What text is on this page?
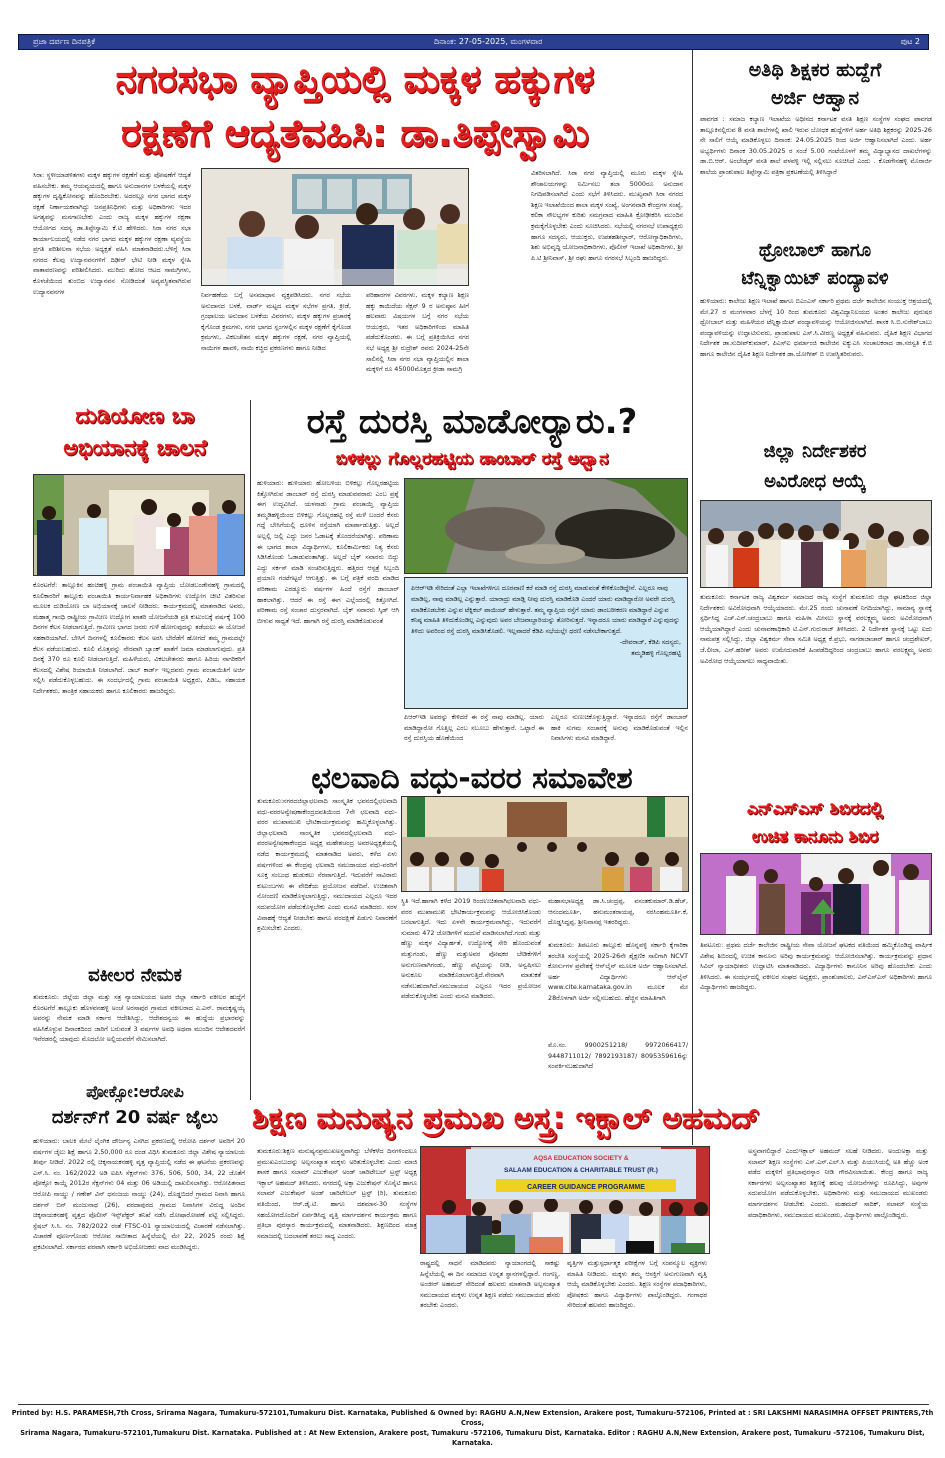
ಪ್ರಜಾ ದರ್ಪಣ ದಿನಪತ್ರಿಕೆ	ದಿನಾಂಕ: 27-05-2025, ಮಂಗಳವಾರ	ಪುಟ 2
ನಗರಸಭಾ ವ್ಯಾಪ್ತಿಯಲ್ಲಿ ಮಕ್ಕಳ ಹಕ್ಕುಗಳ
ರಕ್ಷಣೆಗೆ ಆದ್ಯತೆವಹಿಸಿ: ಡಾ.ತಿಪ್ಪೇಸ್ವಾಮಿ
ಸಿರಾ: ಸ್ಥಳೀಯಾಡಳಿತಗಳು ಮಕ್ಕಳ ಹಕ್ಕುಗಳ ರಕ್ಷಣೆಗೆ ಮತ್ತು ಪೋಷಣೆಗೆ ಆದ್ಯತೆ ವಹಿಸಬೇಕು. ತಮ್ಮ ಆಯವ್ಯಯದಲ್ಲಿ ಹಾಗೂ ಅನುದಾನಗಳ ಬಳಕೆಯಲ್ಲಿ ಮಕ್ಕಳ ಹಕ್ಕುಗಳ ದೃಷ್ಟಿಕೋನವನ್ನು ಹೊಂದಿರಬೇಕು. ಅದರಲ್ಲೂ ನಗರ ಭಾಗದ ಮಕ್ಕಳ ರಕ್ಷಣೆ ನಿರ್ಣಾಯಕವಾಗಿದ್ದು ಜನಪ್ರತಿನಿಧಿಗಳು ಮತ್ತು ಅಧಿಕಾರಿಗಳು ಇದರ ಅಗತ್ಯವನ್ನು ಮನಗಾಣಬೇಕು ಎಂದು ರಾಜ್ಯ ಮಕ್ಕಳ ಹಕ್ಕುಗಳ ರಕ್ಷಣಾ ಆಯೋಗದ ಸದಸ್ಯ ಡಾ.ತಿಪ್ಪೇಸ್ವಾಮಿ ಕೆ.ಟಿ ಹೇಳಿದರು. ಸಿರಾ ನಗರ ಸಭಾ ಕಾರ್ಯಾಲಯದಲ್ಲಿ ನಡೆದ ನಗರ ಭಾಗದ ಮಕ್ಕಳ ಹಕ್ಕುಗಳ ರಕ್ಷಣಾ ವ್ಯವಸ್ಥೆಯ ಪ್ರಗತಿ ಪರಿಶೀಲನಾ ಸಭೆಯ ಅಧ್ಯಕ್ಷತೆ ವಹಿಸಿ ಮಾತನಾಡಿದರು.ಬೆಳಿಗ್ಗೆ ಸಿರಾ ನಗರದ ಕೆಲವು ಉದ್ಯಾನವನಗಳಿಗೆ ದಿಢೀರ್ ಭೇಟಿ ನೀಡಿ ಮಕ್ಕಳ ಸ್ನೇಹಿ ವಾತಾವರಣವನ್ನು ಪರಿಶೀಲಿಸಿದರು. ಮುರಿದು ಹೋದ ಆಟದ ಸಾಮಗ್ರಿಗಳು, ಕೊಳಚೆಯಿಂದ ತುಂಬಿದ ಉದ್ಯಾನವನ ನೋಡಿದಂತೆ ಅವ್ಯವಸ್ಥಿತವಾಗಿರುವ ಉದ್ಯಾನವನಗಳ	ನಿರ್ವಹಣೆಯ ಬಗ್ಗೆ ಅಸಮಾಧಾನ ವ್ಯಕ್ತಪಡಿಸಿದರು. ನಗರ ಸಭೆಯ ಅನುದಾನದ ಬಳಕೆ, ವಾರ್ಡ್ ಮಟ್ಟದ ಮಕ್ಕಳ ಸಭೆಗಳ ಪ್ರಗತಿ, ಕ್ರೀಡೆ, ಗ್ರಂಥಾಲಯ ಅನುದಾನ ಬಳಕೆಯ ವಿವರಗಳು, ಮಕ್ಕಳ ಹಕ್ಕುಗಳ ಪ್ರಚಾರಕ್ಕೆ ಕೈಗೊಂಡ ಕ್ರಮಗಳು, ನಗರ ಭಾಗದ ಸ್ಲಂಗಳಲ್ಲಿನ ಮಕ್ಕಳ ರಕ್ಷಣೆಗೆ ಕೈಗೊಂಡ ಕ್ರಮಗಳು, ವಿಕಲಚೇತನ ಮಕ್ಕಳ ಹಕ್ಕುಗಳ ರಕ್ಷಣೆ, ನಗರ ವ್ಯಾಪ್ತಿಯಲ್ಲಿ ನಾಯಿಗಳ ಹಾವಳಿ, ನಾಯಿ ಕಚ್ಚಿದ ಪ್ರಕರಣಗಳು ಹಾಗೂ ನೀಡಿದ
ಪರಿಹಾರಗಳ ವಿವರಗಳು, ಮಕ್ಕಳ ಕಲ್ಯಾಣ ಶಿಕ್ಷಣ ಹಕ್ಕು ಕಾಯಿದೆಯ ಸೆಕ್ಷನ್ 9 ರ ಅನುಷ್ಠಾನ ಹೀಗೆ ಹಲವಾರು ವಿಷಯಗಳ ಬಗ್ಗೆ ನಗರ ಸಭೆಯ ಆಯುಕ್ತರು, ಇತರ ಅಧಿಕಾರಿಗಳಿಂದ ಮಾಹಿತಿ ಪಡೆದುಕೊಂಡರು. ಈ ಬಗ್ಗೆ ಪ್ರತಿಕ್ರಿಯಿಸಿದ ನಗರ ಸಭೆ ಅಧ್ಯಕ್ಷ ಶ್ರೀ ರುದ್ರೇಶ್ ರವರು 2024-25ನೇ ಸಾಲಿನಲ್ಲಿ ಸಿರಾ ನಗರ ಸಭಾ ವ್ಯಾಪ್ತಿಯಲ್ಲಿನ ಶಾಲಾ ಮಕ್ಕಳಿಗೆ ರೂ 45000ಮೊತ್ತದ ಕ್ರೀಡಾ ಸಾಮಗ್ರಿ
ವಿತರಿಸಲಾಗಿದೆ. ಸಿರಾ ನಗರ ವ್ಯಾಪ್ತಿಯಲ್ಲಿ ಮೂರು ಮಕ್ಕಳ ಸ್ನೇಹಿ ಶೌಚಾಲಯಗಳನ್ನು ನಿರ್ಮಿಸಲು ತಲಾ 5000ರೂ ಅನುದಾನ ನಿಗದಿಪಡಿಸಲಾಗಿದೆ ಎಂದು ಸಭೆಗೆ ತಿಳಿಸಿದರು. ಮುಖ್ಯವಾಗಿ ಸಿರಾ ನಗರದ ಶಿಕ್ಷಣ ಇಲಾಖೆಯಿಂದ ಶಾಲಾ ಮಕ್ಕಳ ಸಂಖ್ಯೆ, ಅಂಗನವಾಡಿ ಕೇಂದ್ರಗಳ ಸಂಖ್ಯೆ, ಕಲಿಕಾ ಸೌಲಭ್ಯಗಳ ಕುರಿತು ಸಮಗ್ರವಾದ ಮಾಹಿತಿ ಕ್ರೋಢೀಕರಿಸಿ ಮುಂದಿನ ಕ್ರಮಕೈಗೊಳ್ಳಬೇಕು ಎಂದು ಸೂಚಿಸಿದರು. ಸಭೆಯಲ್ಲಿ ನಗರಸಭೆ ಉಪಾಧ್ಯಕ್ಷರು ಹಾಗೂ ಸದಸ್ಯರು, ಆಯುಕ್ತರು, ಉಪತಹಶೀಲ್ದಾರ್, ಆರೋಗ್ಯಾಧಿಕಾರಿಗಳು, ಶಿಶು ಅಭಿವೃದ್ಧಿ ಯೋಜನಾಧಿಕಾರಿಗಳು, ಪೊಲೀಸ್ ಇಲಾಖೆ ಅಧಿಕಾರಿಗಳು, ಶ್ರೀ ಪಿ.ಟಿ ಶ್ರೀನಿವಾಸ್, ಶ್ರೀ ರಘು ಹಾಗೂ ನಗರಸಭೆ ಸಿಬ್ಬಂದಿ ಹಾಜರಿದ್ದರು.
ಅತಿಥಿ ಶಿಕ್ಷಕರ ಹುದ್ದೆಗೆ
ಅರ್ಜಿ ಆಹ್ವಾನ
ಪಾವಗಡ : ಸಮಾಜ ಕಲ್ಯಾಣ ಇಲಾಖೆಯ ಅಧೀನದ ಕರ್ನಾಟಕ ವಸತಿ ಶಿಕ್ಷಣ ಸಂಸ್ಥೆಗಳ ಸಂಘದ ಪಾವಗಡ ತಾಲ್ಲೂಕಿನಲ್ಲಿರುವ 8 ವಸತಿ ಶಾಲೆಗಳಲ್ಲಿ ಖಾಲಿ ಇರುವ ಬೋಧಕ ಹುದ್ದೆಗಳಿಗೆ ಅರ್ಹ ಅತಿಥಿ ಶಿಕ್ಷಕರನ್ನು 2025-26 ನೇ ಸಾಲಿಗೆ ಆಯ್ಕೆ ಮಾಡಿಕೊಳ್ಳಲು ದಿನಾಂಕ: 24.05.2025 ರಿಂದ ಅರ್ಜಿ ಆಹ್ವಾನಿಸಲಾಗಿದೆ ಎಂದು. ಅರ್ಹ ಅಭ್ಯರ್ಥಿಗಳು ದಿನಾಂಕ 30.05.2025 ರ ಸಂಜೆ 5.00 ಗಂಟೆಯೊಳಗೆ ತಮ್ಮ ವಿದ್ಯಾಭ್ಯಾಸದ ದಾಖಲೆಗಳನ್ನು ಡಾ.ಬಿ.ಆರ್. ಅಂಬೇಡ್ಕರ್ ವಸತಿ ಶಾಲೆ ಪಳವಳ್ಳಿ ಇಲ್ಲಿ ಸಲ್ಲಿಸಲು ಸೂಚಿಸಿದೆ ಎಂದು . ಕೊಡಗೇನಹಳ್ಳಿ ಮೊರಾರ್ಜಿ ಶಾಲೆಯ ಪ್ರಾಂಶುಪಾಲ ತಿಪ್ಪೇಸ್ವಾಮಿ ಪತ್ರಿಕಾ ಪ್ರಕಟಣೆಯಲ್ಲಿ ತಿಳಿಸಿದ್ದಾರೆ
ಥ್ರೋಬಾಲ್ ಹಾಗೂ
ಟೆನ್ನಿಕ್ವಾಯಿಟ್ ಪಂದ್ಯಾವಳಿ
ಹುಳಿಯಾರು: ಕಾಲೇಜು ಶಿಕ್ಷಣ ಇಲಾಖೆ ಹಾಗೂ ಬಿಎಂಎಸ್ ಸರ್ಕಾರಿ ಪ್ರಥಮ ದರ್ಜೆ ಕಾಲೇಜಿನ ಸಂಯುಕ್ತ ಆಶ್ರಯದಲ್ಲಿ ಮೇ.27 ರ ಮಂಗಳವಾರ ಬೆಳಗ್ಗೆ 10 ರಿಂದ ತುಮಕೂರು ವಿಶ್ವವಿದ್ಯಾನಿಲಯದ ಅಂತರ ಕಾಲೇಜು ಪುರುಷರ ಥ್ರೋಬಾಲ್ ಮತ್ತು ಮಹಿಳೆಯರ ಟೆನ್ನಿಕ್ವಾಯಿಟ್ ಪಂದ್ಯಾವಳಿಯನ್ನು ಆಯೋಜಿಸಲಾಗಿದೆ. ಶಾಸಕ ಸಿ.ಬಿ.ಸುರೇಶ್‌ಬಾಬು ಪಂದ್ಯಾವಳಿಯನ್ನು ಉದ್ಘಾಟಿಸುವರು, ಪ್ರಾಂಶುಪಾಲ ಎಸ್.ಸಿ.ವೀರಣ್ಣ ಅಧ್ಯಕ್ಷತೆ ವಹಿಸುವರು. ದೈಹಿಕ ಶಿಕ್ಷಣ ವಿಭಾಗದ ನಿರ್ದೇಶಕ ಡಾ.ಸುದೀಪ್‌ಕುಮಾರ್, ಪಿಎಸ್‌ಐ ಧರ್ಮಾಂಜಿ ಕಾಲೇಜಿನ ಐಕ್ಯುಎಸಿ ಸಂಚಾಲಕರಾದ ಡಾ.ಸರಸ್ವತಿ ಕೆ.ಬಿ ಹಾಗೂ ಕಾಲೇಜಿನ ದೈಹಿಕ ಶಿಕ್ಷಣ ನಿರ್ದೇಶಕ ಡಾ.ಯೋಗೀಶ್ ಬಿ ಉಪಸ್ಥಿತರಿರುವರು.
ಜಿಲ್ಲಾ ನಿರ್ದೇಶಕರ
ಅವಿರೋಧ ಆಯ್ಕೆ
ತುಮಕೂರು: ಕರ್ನಾಟಕ ರಾಜ್ಯ ವಿಶ್ವಕರ್ಮ ಸಮಾಜದ ರಾಜ್ಯ ಸಂಸ್ಥೆಗೆ ತುಮಕೂರು ಜಿಲ್ಲಾ ಘಟಕದಿಂದ ಜಿಲ್ಲಾ ನಿರ್ದೇಶಕರು ಅವಿರೋಧವಾಗಿ ಆಯ್ಕೆಯಾದರು. ಮೇ.25 ರಂದು ಚುನಾವಣೆ ನಿಗದಿಯಾಗಿದ್ದು, ಸಾಮಾನ್ಯ ಸ್ಥಾನಕ್ಕೆ ಸ್ಪರ್ಧಿಸಿದ್ದ ಎಚ್.ಎಸ್.ಚಂದ್ರಬಾಬು ಹಾಗೂ ಮಹಿಳಾ ಮೀಸಲು ಸ್ಥಾನಕ್ಕೆ ವರಲಕ್ಷ್ಮಮ್ಮ ಅವರು ಅವಿರೋಧವಾಗಿ ಆಯ್ಕೆಯಾಗಿದ್ದಾರೆ ಎಂದು ಚುನಾವಣಾಧಿಕಾರಿ ಟಿ.ಎನ್.ಗುರುರಾಜ್ ತಿಳಿಸಿದರು. 2 ನಿರ್ದೇಶಕ ಸ್ಥಾನಕ್ಕೆ ಒಟ್ಟು ಐದು ನಾಮಪತ್ರ ಸಲ್ಲಿಸಿದ್ದು, ಜಿಲ್ಲಾ ವಿಶ್ವಕರ್ಮ ಸೇವಾ ಸಮಿತಿ ಅಧ್ಯಕ್ಷ ಕೆ.ಪ್ರಭು, ನಾಗರಾಜಾಚಾರ್ ಹಾಗೂ ಚಂದ್ರಶೇಖರ್, ಜೆ.ಲೀಲಾ, ಎಸ್.ಹರೀಶ್ ಅವರು ಉಮೇದುವಾರಿಕೆ ಹಿಂಪಡೆದಿದ್ದರಿಂದ ಚಂದ್ರಬಾಬು ಹಾಗೂ ವರಲಕ್ಷ್ಮಮ್ಮ ಅವರು ಅವಿರೋಧ ಆಯ್ಕೆಯಾಗಲು ಸಾಧ್ಯವಾಯಿತು.
ಎನ್‌ಎಸ್‌ಎಸ್ ಶಿಬಿರದಲ್ಲಿ
ಉಚಿತ ಕಾನೂನು ಶಿಬಿರ
ತಿಪಟೂರು: ಪ್ರಥಮ ದರ್ಜೆ ಕಾಲೇಜಿನ ರಾಷ್ಟ್ರೀಯ ಸೇವಾ ಯೋಜನೆ ಘಟಕದ ವತಿಯಿಂದ ಹಮ್ಮಿಕೊಂಡಿದ್ದ ವಾರ್ಷಿಕ ವಿಶೇಷ ಶಿಬಿರದಲ್ಲಿ ಉಚಿತ ಕಾನೂನು ಅರಿವು ಕಾರ್ಯಕ್ರಮವನ್ನು ಆಯೋಜಿಸಲಾಗಿತ್ತು. ಕಾರ್ಯಕ್ರಮವನ್ನು ಪ್ರಧಾನ ಸಿವಿಲ್ ನ್ಯಾಯಾಧೀಶರು ಉದ್ಘಾಟಿಸಿ ಮಾತನಾಡಿದರು. ವಿದ್ಯಾರ್ಥಿಗಳು ಕಾನೂನಿನ ಅರಿವು ಹೊಂದಬೇಕು ಎಂದು ತಿಳಿಸಿದರು. ಈ ಸಂದರ್ಭದಲ್ಲಿ ವಕೀಲರ ಸಂಘದ ಅಧ್ಯಕ್ಷರು, ಪ್ರಾಂಶುಪಾಲರು, ಎನ್‌ಎಸ್‌ಎಸ್ ಅಧಿಕಾರಿಗಳು ಹಾಗೂ ವಿದ್ಯಾರ್ಥಿಗಳು ಹಾಜರಿದ್ದರು.
ದುಡಿಯೋಣ ಬಾ
ಅಭಿಯಾನಕ್ಕೆ ಚಾಲನೆ
ಕೊರಟಗೆರೆ: ತಾಲ್ಲೂಕಿನ ಹಂಚಿಹಳ್ಳಿ ಗ್ರಾಮ ಪಂಚಾಯಿತಿ ವ್ಯಾಪ್ತಿಯ ಬೋಡಬಂಡೇನಹಳ್ಳಿ ಗ್ರಾಮದಲ್ಲಿ ಕೂಲಿಕಾರರಿಗೆ ತಾಲ್ಲೂಕು ಪಂಚಾಯಿತಿ ಕಾರ್ಯನಿರ್ವಾಹಕ ಅಧಿಕಾರಿಗಳು ಉದ್ಯೋಗ ಚೀಟಿ ವಿತರಿಸುವ ಮೂಲಕ ದುಡಿಯೋಣ ಬಾ ಅಭಿಯಾನಕ್ಕೆ ಚಾಲನೆ ನೀಡಿದರು. ಕಾರ್ಯಕ್ರಮದಲ್ಲಿ ಮಾತನಾಡಿದ ಅವರು, ಮಹಾತ್ಮ ಗಾಂಧಿ ರಾಷ್ಟ್ರೀಯ ಗ್ರಾಮೀಣ ಉದ್ಯೋಗ ಖಾತರಿ ಯೋಜನೆಯಡಿ ಪ್ರತಿ ಕುಟುಂಬಕ್ಕೆ ವರ್ಷಕ್ಕೆ 100 ದಿನಗಳ ಕೆಲಸ ನೀಡಲಾಗುತ್ತಿದೆ. ಗ್ರಾಮೀಣ ಭಾಗದ ಜನರು ಗುಳೆ ಹೋಗುವುದನ್ನು ತಡೆಯಲು ಈ ಯೋಜನೆ ಸಹಕಾರಿಯಾಗಿದೆ. ಬೇಸಿಗೆ ದಿನಗಳಲ್ಲಿ ಕೂಲಿಕಾರರು ಕೆಲಸ ಅರಸಿ ಬೇರೆಡೆಗೆ ಹೋಗದೆ ತಮ್ಮ ಗ್ರಾಮದಲ್ಲೇ ಕೆಲಸ ಪಡೆಯಬಹುದು. ಕೂಲಿ ಮೊತ್ತವನ್ನು ನೇರವಾಗಿ ಬ್ಯಾಂಕ್ ಖಾತೆಗೆ ಜಮಾ ಮಾಡಲಾಗುವುದು. ಪ್ರತಿ ದಿನಕ್ಕೆ 370 ರೂ ಕೂಲಿ ನೀಡಲಾಗುತ್ತಿದೆ. ಮಹಿಳೆಯರು, ವಿಕಲಚೇತನರು ಹಾಗೂ ಹಿರಿಯ ನಾಗರಿಕರಿಗೆ ಕೆಲಸದಲ್ಲಿ ವಿಶೇಷ ರಿಯಾಯಿತಿ ನೀಡಲಾಗಿದೆ. ಜಾಬ್ ಕಾರ್ಡ್ ಇಲ್ಲದವರು ಗ್ರಾಮ ಪಂಚಾಯಿತಿಗೆ ಅರ್ಜಿ ಸಲ್ಲಿಸಿ ಪಡೆದುಕೊಳ್ಳಬಹುದು. ಈ ಸಂದರ್ಭದಲ್ಲಿ ಗ್ರಾಮ ಪಂಚಾಯಿತಿ ಅಧ್ಯಕ್ಷರು, ಪಿಡಿಒ, ಸಹಾಯಕ ನಿರ್ದೇಶಕರು, ತಾಂತ್ರಿಕ ಸಹಾಯಕರು ಹಾಗೂ ಕೂಲಿಕಾರರು ಹಾಜರಿದ್ದರು.
ವಕೀಲರ ನೇಮಕ
ತುಮಕೂರು: ಜಿಲ್ಲೆಯ ಜಿಲ್ಲಾ ಮತ್ತು ಸತ್ರ ನ್ಯಾಯಾಲಯದ ಅಪರ ಜಿಲ್ಲಾ ಸರ್ಕಾರಿ ವಕೀಲರ ಹುದ್ದೆಗೆ ಕೊರಟಗೆರೆ ತಾಲ್ಲೂಕು ಹೊಳವನಹಳ್ಳಿ ಅಂಚೆ ಅರಸಾಪುರ ಗ್ರಾಮದ ವಕೀಲರಾದ ಎ.ಎನ್. ರಾಮಕೃಷ್ಣಯ್ಯ ಅವರನ್ನು ನೇಮಕ ಮಾಡಿ ಸರ್ಕಾರ ಆದೇಶಿಸಿದ್ದು, ಆದೇಶದನ್ವಯ ಈ ಹುದ್ದೆಯ ಪ್ರಭಾರವನ್ನು ವಹಿಸಿಕೊಳ್ಳುವ ದಿನಾಂಕದಿಂದ ಜಾರಿಗೆ ಬರುವಂತೆ 3 ವರ್ಷಗಳ ಅವಧಿ ಅಥವಾ ಮುಂದಿನ ಆದೇಶದವರೆಗೆ ಇವೆರಡರಲ್ಲಿ ಯಾವುದು ಮೊದಲೋ ಅಲ್ಲಿಯವರೆಗೆ ನೇಮಿಸಲಾಗಿದೆ.
ಪೋಕ್ಸೋ:ಆರೋಪಿ
ದರ್ಶನ್‌ಗೆ 20 ವರ್ಷ ಜೈಲು
ಹುಳಿಯಾರು: ಬಾಲಕಿ ಮೇಲೆ ಲೈಂಗಿಕ ದೌರ್ಜನ್ಯ ಎಸಗಿದ ಪ್ರಕರಣದಲ್ಲಿ ಆರೋಪಿ ದರ್ಶನ್ ಅವರಿಗೆ 20 ವರ್ಷಗಳ ಜೈಲು ಶಿಕ್ಷೆ ಹಾಗೂ 2,50,000 ರೂ ದಂಡ ವಿಧಿಸಿ ತುಮಕೂರು ಜಿಲ್ಲಾ ವಿಶೇಷ ನ್ಯಾಯಾಲಯ ತೀರ್ಪು ನೀಡಿದೆ. 2022 ರಲ್ಲಿ ಚಿಕ್ಕನಾಯಕನಹಳ್ಳಿ ವೃತ್ತ ವ್ಯಾಪ್ತಿಯಲ್ಲಿ ನಡೆದ ಈ ಘಟನೆಯ ಪ್ರಕರಣವನ್ನು ಎಸ್.ಸಿ. ನಂ. 162/2022 ಅಡಿ ಐಪಿಸಿ ಸೆಕ್ಷನ್‌ಗಳು 376, 506, 500, 34, 22 ಜೊತೆಗೆ ಪೋಕ್ಸೋ ಕಾಯ್ದೆ 2012ರ ಸೆಕ್ಷನ್‌ಗಳು 04 ಮತ್ತು 06 ಅಡಿಯಲ್ಲಿ ದಾಖಲಿಸಲಾಗಿತ್ತು. ಆರೋಪಿತನಾದ ಆರೋಪಿ ನಾಯ್ಡು / ಗಣೇಶ್ ವಿನ್ ಧನಂಜಯ ನಾಯ್ಡು (24), ದೊಡ್ಡಬಿದರೆ ಗ್ರಾಮದ ನಿವಾಸಿ ಹಾಗೂ ದರ್ಶನ್ ಬಿನ್ ಮಂಜುನಾಥ (26), ವರದಾಪುರದ ಗ್ರಾಮದ ನಿವಾಸಿಗಳ ವಿರುದ್ಧ ಅಂದಿನ ಚಿಕ್ಕನಾಯಕನಹಳ್ಳಿ ವೃತ್ತದ ಪೊಲೀಸ್ ಇನ್ಸ್‌ಪೆಕ್ಟರ್ ತನಿಖೆ ನಡೆಸಿ ದೋಷಾರೋಪಣೆ ಪಟ್ಟಿ ಸಲ್ಲಿಸಿದ್ದರು. ಸ್ಪೆಷಲ್ ಸಿ.ಸಿ. ನಂ. 782/2022 ರಂತೆ FTSC-01 ನ್ಯಾಯಾಲಯದಲ್ಲಿ ವಿಚಾರಣೆ ನಡೆಸಲಾಗಿತ್ತು. ವಿಚಾರಣೆ ಪೂರ್ಣಗೊಂಡು ಆರೋಪ ಸಾಬೀತಾದ ಹಿನ್ನೆಲೆಯಲ್ಲಿ ಮೇ 22, 2025 ರಂದು ಶಿಕ್ಷೆ ಪ್ರಕಟಿಸಲಾಗಿದೆ. ಸರ್ಕಾರದ ಪರವಾಗಿ ಸರ್ಕಾರಿ ಅಭಿಯೋಜಕರು ವಾದ ಮಂಡಿಸಿದ್ದರು.
ರಸ್ತೆ ದುರಸ್ತಿ ಮಾಡೋರ‍್ಯಾರು.?
ಬಿಳಿಕಲ್ಲು ಗೊಲ್ಲರಹಟ್ಟಿಯ ಡಾಂಬಾರ್ ರಸ್ತೆ ಅಧ್ವಾನ
ಹುಳಿಯಾರು: ಹುಳಿಯಾರು ಹೋಬಳಿಯ ಬಿಳಿಕಲ್ಲು ಗೊಲ್ಲರಹಟ್ಟಿಯ ಕಿತ್ತೋಗಿರುವ ಡಾಂಬಾರ್ ರಸ್ತೆ ದುರಸ್ತಿ ಮಾಡುವವರಾರು ಎಂಬ ಪ್ರಶ್ನೆ ಈಗ ಉದ್ಭವಿಸಿದೆ. ಯಳನಾಡು ಗ್ರಾಮ ಪಂಚಾಯ್ತಿ ವ್ಯಾಪ್ತಿಯ ತಮ್ಮಡಿಹಳ್ಳಿಯಿಂದ ಬಿಳಿಕಲ್ಲು ಗೊಲ್ಲರಹಟ್ಟಿ ರಸ್ತೆ ಮಳೆ ಬಂದರೆ ಕೆಸರು ಗದ್ದೆ ಬೇಸಿಗೆಯಲ್ಲಿ ಧೂಳಿನ ರಸ್ತೆಯಾಗಿ ಮಾರ್ಪಾಡುತ್ತಿತ್ತು. ಅಲ್ಲದೆ ಅಲ್ಲಲ್ಲಿ ಜಲ್ಲಿ ಎದ್ದು ಜನರ ಓಡಾಟಕ್ಕೆ ತೊಂದರೆಯಾಗಿತ್ತು. ಪರಿಣಾಮ ಈ ಭಾಗದ ಶಾಲಾ ವಿದ್ಯಾರ್ಥಿಗಳು, ಕೂಲಿಕಾರ್ಮಿಕರು ನಿತ್ಯ ಕೆಸರು ಸಿಡಿಸಿಕೊಂಡು ಓಡಾಡುವಂತಾಗಿತ್ತು. ಅಲ್ಲದೆ ಬೈಕ್ ಸವಾರರು ಬಿದ್ದು ಎದ್ದು ಸರ್ಕಸ್ ಮಾಡಿ ಸಂಚರಿಸುತ್ತಿದ್ದರು. ಹತ್ತಿರದ ಆಸ್ಪತ್ರೆ ಸಿಬ್ಬಂದಿ ಪ್ರಯಾಣ ಗಂಟೆಗಟ್ಟಲೆ ಆಗುತ್ತಿತ್ತು. ಈ ಬಗ್ಗೆ ಪತ್ರಿಕೆ ವರದಿ ಮಾಡಿದ ಪರಿಣಾಮ ಎರಡ್ಮೂರು ವರ್ಷಗಳ ಹಿಂದೆ ರಸ್ತೆಗೆ ಡಾಂಬಾರ್ ಹಾಕಲಾಗಿತ್ತು. ಆದರೆ ಈ ರಸ್ತೆ ಈಗ ಎಲ್ಲೆಂದರಲ್ಲಿ ಕಿತ್ತೋಗಿದೆ. ಪರಿಣಾಮ ರಸ್ತೆ ಸಂಚಾರ ದುಸ್ತರವಾಗಿದೆ. ಬೈಕ್ ಸವಾರರು ಸ್ಕಿಡ್ ಆಗಿ ಬೀಳುವ ಸಾಧ್ಯತೆ ಇದೆ. ಹಾಗಾಗಿ ರಸ್ತೆ ದುರಸ್ತಿ ಮಾಡಿಕೊಡುವಂತೆ
ಪಿಆರ್‌ಇಡಿ ಸೇರಿದಂತೆ ಎಲ್ಲಾ ಇಲಾಖೆಗಳಿಗೂ ದೂರವಾಣಿ ಕರೆ ಮಾಡಿ ರಸ್ತೆ ದುರಸ್ತಿ ಮಾಡುವಂತೆ ಕೇಳಿಕೊಂಡಿದ್ದೇನೆ. ಎಲ್ಲರೂ ನಾವು ಮಾಡಿಲ್ಲ, ನಾವು ಮಾಡಿಲ್ಲ ಎನ್ನುತ್ತಾರೆ. ಯಾರಾದ್ರು ಮಾಡ್ಲಿ ನೀವು ದುರಸ್ತಿ ಮಾಡಿಕೊಡಿ ಎಂದರೆ ಯಾರು ಮಾಡಿದ್ದಾರೋ ಅವರೇ ದುರಸ್ತಿ ಮಾಡಿಕೊಡಬೇಕು ಎನ್ನುವ ಟೆಕ್ನಿಕಲ್ ಪಾಯಿಂಟ್ ಹೇಳುತ್ತಾರೆ. ತಮ್ಮ ವ್ಯಾಪ್ತಿಯ ರಸ್ತೆಗೆ ಯಾರು ಡಾಂಬರೀಕರಣ ಮಾಡಿದ್ದಾರೆ ಎನ್ನುವ ಕನಿಷ್ಠ ಮಾಹಿತಿ ತಿಳಿದುಕೊಂಡಿಲ್ಲ ಎನ್ನುವುದು ಅವರ ಬೇಜವಾಬ್ದಾರಿಯನ್ನು ತೋರಿಸುತ್ತದೆ. ಇನ್ನಾದರೂ ಯಾರು ಮಾಡಿದ್ದಾರೆ ಎನ್ನುವುದನ್ನು ತಿಳಿದು ಅವರಿಂದ ರಸ್ತೆ ದುರಸ್ತಿ ಮಾಡಿಸಿಕೊಡಲಿ. ಇಲ್ಲವಾದರೆ ಕೆಡಿಪಿ ಸಭೆಯಲ್ಲೇ ಧರಣಿ ನಡೆಸಬೇಕಾಗುತ್ತದೆ.
-ದೇವರಾಜ್, ಕೆಡಿಪಿ ಸದಸ್ಯರು,
ತಮ್ಮಡಿಹಳ್ಳಿ ಗೊಲ್ಲರಹಟ್ಟಿ
ಪಿಆರ್‌ಇಡಿ ಅವರನ್ನು ಕೇಳಿದರೆ ಈ ರಸ್ತೆ ನಾವು ಮಾಡಿಲ್ಲ. ಯಾರು ಮಾಡಿದ್ದಾರೋ ಗೊತ್ತಿಲ್ಲ ಎಂಬ ಸಬೂಬು ಹೇಳುತ್ತಾರೆ. ಒಟ್ಟಾರೆ ಈ ರಸ್ತೆ ದುರಸ್ತಿಯ ಹೊಣೆಯಿಂದ
ಎಲ್ಲರೂ ನುಣುಚಿಕೊಳ್ಳುತ್ತಿದ್ದಾರೆ. ಇನ್ನಾದರೂ ರಸ್ತೆಗೆ ಡಾಂಬಾರ್ ಹಾಕಿ ಸುಗಮ ಸಂಚಾರಕ್ಕೆ ಅನುವು ಮಾಡಿಕೊಡುವಂತೆ ಇಲ್ಲಿನ ನಿವಾಸಿಗಳು ಮನವಿ ಮಾಡಿದ್ದಾರೆ.
ಛಲವಾದಿ ವಧು-ವರರ ಸಮಾವೇಶ
ತುಮಕೂರು:ನಗರದಜಿಲ್ಲಾಛಲವಾದಿ ಸಾಂಸ್ಕೃತಿಕ ಭವನದಲ್ಲಿಛಲವಾದಿ ವಧು-ವರರಅನ್ವೇಷಣಾಕೇಂದ್ರದವತಿಯಿಂದ 7ನೇ ಛಲವಾದಿ ವಧು-ವರರ ಮುಖಾಮುಖಿ ಭೇಟಿಕಾರ್ಯಕ್ರಮವನ್ನು ಹಮ್ಮಿಕೊಳ್ಳಲಾಗಿತ್ತು. ಜಿಲ್ಲಾಛಲವಾದಿ ಸಾಂಸ್ಕೃತಿಕ ಭವನದಲ್ಲಿಛಲವಾದಿ ವಧು-ವರರಅನ್ವೇಷಣಾಕೇಂದ್ರದ ಅಧ್ಯಕ್ಷ ಮಹೇಶಚಂದ್ರ ಅವರಅಧ್ಯಕ್ಷತೆಯಲ್ಲಿ ನಡೆದ ಕಾರ್ಯಕ್ರಮದಲ್ಲಿ ಮಾತನಾಡಿದ ಅವರು, ಕಳೆದ ಏಳು ವರ್ಷಗಳಿಂದ ಈ ಕೇಂದ್ರವು ಛಲವಾದಿ ಸಮುದಾಯದ ವಧು-ವರರಿಗೆ ಸೂಕ್ತ ಸಂಬಂಧ ಹುಡುಕಲು ನೆರವಾಗುತ್ತಿದೆ. ಇದುವರೆಗೆ ಸಾವಿರಾರು ಕುಟುಂಬಗಳು ಈ ವೇದಿಕೆಯ ಪ್ರಯೋಜನ ಪಡೆದಿವೆ. ಉಚಿತವಾಗಿ ನೋಂದಣಿ ಮಾಡಿಕೊಳ್ಳಲಾಗುತ್ತಿದ್ದು, ಸಮುದಾಯದ ಎಲ್ಲರೂ ಇದರ ಸದುಪಯೋಗ ಪಡೆದುಕೊಳ್ಳಬೇಕು ಎಂದು ಮನವಿ ಮಾಡಿದರು. ಸರಳ ವಿವಾಹಕ್ಕೆ ಆದ್ಯತೆ ನೀಡಬೇಕು ಹಾಗೂ ವರದಕ್ಷಿಣೆ ಪಿಡುಗು ನಿವಾರಣೆಗೆ ಶ್ರಮಿಸಬೇಕು ಎಂದರು.
ಸ್ಥಿತಿ ಇದೆ.ಹಾಗಾಗಿ ಕಳೆದ 2019 ರಿಂದಉಚಿತವಾಗಿಛಲವಾದಿ ವಧು-ವರರ ಮುಖಾಮುಖಿ ಭೇಟಿಕಾರ್ಯಕ್ರಮವನ್ನು ಆಯೋಜಿಸಿಕೊಂಡು ಬರಲಾಗುತ್ತಿದೆ. ಇದು ಏಳನೇ ಕಾರ್ಯಕ್ರಮವಾಗಿದ್ದು, ಇದುವರೆಗೆ ಸುಮಾರು 472 ಜೋಡಿಗಳಿಗೆ ಮದುವೆ ಮಾಡಿಸಲಾಗಿದೆ.ಗಂಡು ಮತ್ತು ಹೆಣ್ಣು ಮಕ್ಕಳ ವಿದ್ಯಾರ್ಹತೆ, ಉದ್ಯೋಗಕ್ಕೆ ಸೇರಿ ಹೊಂದುವಂತೆ ಮತ್ತುಗಂಡು, ಹೆಣ್ಣು ಮತ್ತುಅವರ ಪೋಷಕರ ಬೇಡಿಕೆಗಳಿಗೆ ಅನುಗುಣವಾಗಿಗಂಡು, ಹೆಣ್ಣು ಪಟ್ಟಿಯನ್ನು ನೀಡಿ, ಅನ್ವಷಿಸಲು ಅನುಕೂಲ ಮಾಡಿಕೊಡಲಾಗುತ್ತಿದೆ.ನೇರವಾಗಿ ಮಾತುಕತೆ ನಡೆಸಬಹುದಾಗಿದೆ.ಸಮುದಾಯದ ಎಲ್ಲರೂ ಇದರ ಪ್ರಯೋಜನ ಪಡೆದುಕೊಳ್ಳಬೇಕು ಎಂದು ಮನವಿ ಮಾಡಿದರು.
ಮಹಾಸಭಾಅಧ್ಯಕ್ಷ ಡಾ.ಸಿ.ಚಂದ್ರಪ್ಪ, ವಸಂತಕುಮಾರ್.ಡಿ.ಹೆಚ್, ಆನಂದಮೂರ್ತಿ, ಹನುಮಂತರಾಯಪ್ಪ, ನರಸಿಂಹಮೂರ್ತಿ.ಕೆ, ದೊಡ್ಡಸಿದ್ದಪ್ಪ, ಶ್ರೀನಿವಾಸಪ್ಪ ಇತರರಿದ್ದರು.
ತುಮಕೂರು: ತಿಪಟೂರು ತಾಲ್ಲೂಕು ಹೊನ್ನವಳ್ಳಿ ಸರ್ಕಾರಿ ಕೈಗಾರಿಕಾ ತರಬೇತಿ ಸಂಸ್ಥೆಯಲ್ಲಿ 2025-26ನೇ ಶೈಕ್ಷಣಿಕ ಸಾಲಿಗಾಗಿ NCVT ಕೋರ್ಸುಗಳ ಪ್ರವೇಶಕ್ಕೆ ಆನ್‌ಲೈನ್ ಮೂಲಕ ಅರ್ಜಿ ಆಹ್ವಾನಿಸಲಾಗಿದೆ. ಅರ್ಹ ವಿದ್ಯಾರ್ಥಿಗಳು ಆನ್‌ಲೈನ್ www.cite.karnataka.gov.in ಮೂಲಕ ಮೇ 28ರೊಳಗಾಗಿ ಅರ್ಜಿ ಸಲ್ಲಿಸಬಹುದು. ಹೆಚ್ಚಿನ ಮಾಹಿತಿಗಾಗಿ
ಮೊ.ಸಂ. 9900251218/ 9972066417/ 9448711012/ 7892193187/ 8095359616ನ್ನು ಸಂಪರ್ಕಿಸಬಹುದಾಗಿದೆ
ಶಿಕ್ಷಣ ಮನುಷ್ಯನ ಪ್ರಮುಖ ಅಸ್ತ್ರ: ಇಕ್ಬಾಲ್ ಅಹಮದ್
ತುಮಕೂರು:ಶಿಕ್ಷಣ ಮನುಷ್ಯನಪ್ರಮುಖಅಸ್ತ್ರವಾಗಿದ್ದು ಬೆಳೆಕಳೆದ ದಿನಗಳಿಂದಲೂ ಪ್ರಮುಖಎಂಬುದನ್ನು ಅಲ್ಪಸಂಖ್ಯಾತ ಮಕ್ಕಳು ಅರಿತುಕೊಳ್ಳಬೇಕು ಎಂದು ಮಾಜಿ ಶಾಸಕ ಹಾಗೂ ಸಲಾಮ್ ಎಜುಕೇಷನ್ ಅಂಡ್ ಚಾರಿಟೇಬಲ್ ಟ್ರಸ್ಟ್ ಅಧ್ಯಕ್ಷ ಇಕ್ಬಾಲ್ ಅಹಮದ್ ತಿಳಿಸಿದರು. ನಗರದಲ್ಲಿ ಅಕ್ಸಾ ಎಜುಕೇಷನ್ ಸೊಸೈಟಿ ಹಾಗೂ ಸಲಾಮ್ ಎಜುಕೇಷನ್ ಅಂಡ್ ಚಾರಿಟೇಬಲ್ ಟ್ರಸ್ಟ್ (ರಿ), ತುಮಕೂರು ವತಿಯಿಂದ, ಆರ್.ಡೈ.ಟಿ. ಹಾಗೂ ದಶಮಾನ-30 ಸಂಸ್ಥೆಗಳ ಸಹಯೋಗದೊಂದಿಗೆ ಏರ್ಪಡಿಸಿದ್ದ ವೃತ್ತಿ ಮಾರ್ಗದರ್ಶನ ಕಾರ್ಯಕ್ರಮ ಹಾಗೂ ಪ್ರತಿಭಾ ಪುರಸ್ಕಾರ ಕಾರ್ಯಕ್ರಮದಲ್ಲಿ ಮಾತನಾಡಿದರು. ಶಿಕ್ಷಣದಿಂದ ಮಾತ್ರ ಸಮಾಜದಲ್ಲಿ ಬದಲಾವಣೆ ತರಲು ಸಾಧ್ಯ ಎಂದರು.
AQSA EDUCATION SOCIETY &
SALAAM EDUCATION & CHARITABLE TRUST (R.)
CAREER GUIDANCE PROGRAMME
ರಾಷ್ಟ್ರದಲ್ಲಿ ಸಾಧನೆ ಮಾಡಿದವರು ನ್ಯಾಯಾಂಗದಲ್ಲಿ ಸಾಕಷ್ಟು ಹಿನ್ನೆಲೆಯಲ್ಲಿ ಈ ದಿನ ಸಮಾಜದ ಉನ್ನತ ಸ್ಥಾನಗಳಲ್ಲಿದ್ದಾರೆ. ಗಂಗಣ್ಣ, ಅಂಜೀರ್ ಅಹಮದ್ ಸೇರಿದಂತೆ ಹಲವರು ಮಾತನಾಡಿ ಅಲ್ಪಸಂಖ್ಯಾತ ಸಮುದಾಯದ ಮಕ್ಕಳು ಉನ್ನತ ಶಿಕ್ಷಣ ಪಡೆದು ಸಮುದಾಯದ ಹೆಸರು ತರಬೇಕು ಎಂದರು.
ವೃತ್ತಿಗಳ ಮತ್ತುಸ್ಪರ್ಧಾತ್ಮಕ ಪರೀಕ್ಷೆಗಳ ಬಗ್ಗೆ ಸಂಪನ್ಮೂಲ ವ್ಯಕ್ತಿಗಳು ಮಾಹಿತಿ ನೀಡಿದರು. ಮಕ್ಕಳು ತಮ್ಮ ಆಸಕ್ತಿಗೆ ಅನುಗುಣವಾಗಿ ವೃತ್ತಿ ಆಯ್ಕೆ ಮಾಡಿಕೊಳ್ಳಬೇಕು ಎಂದರು. ಶಿಕ್ಷಣ ಸಂಸ್ಥೆಗಳ ಪದಾಧಿಕಾರಿಗಳು, ಪೋಷಕರು ಹಾಗೂ ವಿದ್ಯಾರ್ಥಿಗಳು ಪಾಲ್ಗೊಂಡಿದ್ದರು. ಗಂಗಾಧರ ಸೇರಿದಂತೆ ಹಲವರು ಹಾಜರಿದ್ದರು.
ಅಸ್ತ್ರವಾಗಲಿದ್ದಾರೆ ಎಂದುಇಕ್ಬಾಲ್ ಅಹಮದ್ ಸಲಹೆ ನೀಡಿದರು. ಅಂದುಅಕ್ಸಾ ಮತ್ತು ಸಲಾಮ್ ಶಿಕ್ಷಣ ಸಂಸ್ಥೆಗಳು ಎಸ್.ಎಸ್.ಎಲ್.ಸಿ ಮತ್ತು ಪಿಯುಸಿಯಲ್ಲಿ ಅತಿ ಹೆಚ್ಚು ಅಂಕ ಪಡೆದ ಮಕ್ಕಳಿಗೆ ಪ್ರತಿಭಾಪುರಸ್ಕಾರ ನೀಡಿ ಗೌರವಿಸಲಾಯಿತು. ಕೇಂದ್ರ ಹಾಗೂ ರಾಜ್ಯ ಸರ್ಕಾರಗಳು ಅಲ್ಪಸಂಖ್ಯಾತರ ಶಿಕ್ಷಣಕ್ಕೆ ಹಲವು ಯೋಜನೆಗಳನ್ನು ರೂಪಿಸಿದ್ದು, ಅವುಗಳ ಸದುಪಯೋಗ ಪಡೆದುಕೊಳ್ಳಬೇಕು. ಅಧಿಕಾರಿಗಳು ಮತ್ತು ಸಮುದಾಯದ ಮುಖಂಡರು ಮಾರ್ಗದರ್ಶನ ನೀಡಬೇಕು ಎಂದರು. ಮಹಮದ್ ಸಾದಿಕ್, ಸಲಾಮ್ ಸಂಸ್ಥೆಯ ಪದಾಧಿಕಾರಿಗಳು, ಸಮುದಾಯದ ಮುಖಂಡರು, ವಿದ್ಯಾರ್ಥಿಗಳು ಪಾಲ್ಗೊಂಡಿದ್ದರು.
Printed by: H.S. PARAMESH,7th Cross, Srirama Nagara, Tumakuru-572101,Tumakuru Dist. Karnataka, Published & Owned by: RAGHU A.N,New Extension, Arakere post, Tumakuru-572106, Printed at : SRI LAKSHMI NARASIMHA OFFSET PRINTERS,7th Cross,
Srirama Nagara, Tumakuru-572101,Tumakuru Dist. Karnataka. Published at : At New Extension, Arakere post, Tumakuru -572106, Tumakuru Dist, Karnataka. Editor : RAGHU A.N,New Extension, Arakere post, Tumakuru -572106, Tumakuru Dist, Karnataka.
